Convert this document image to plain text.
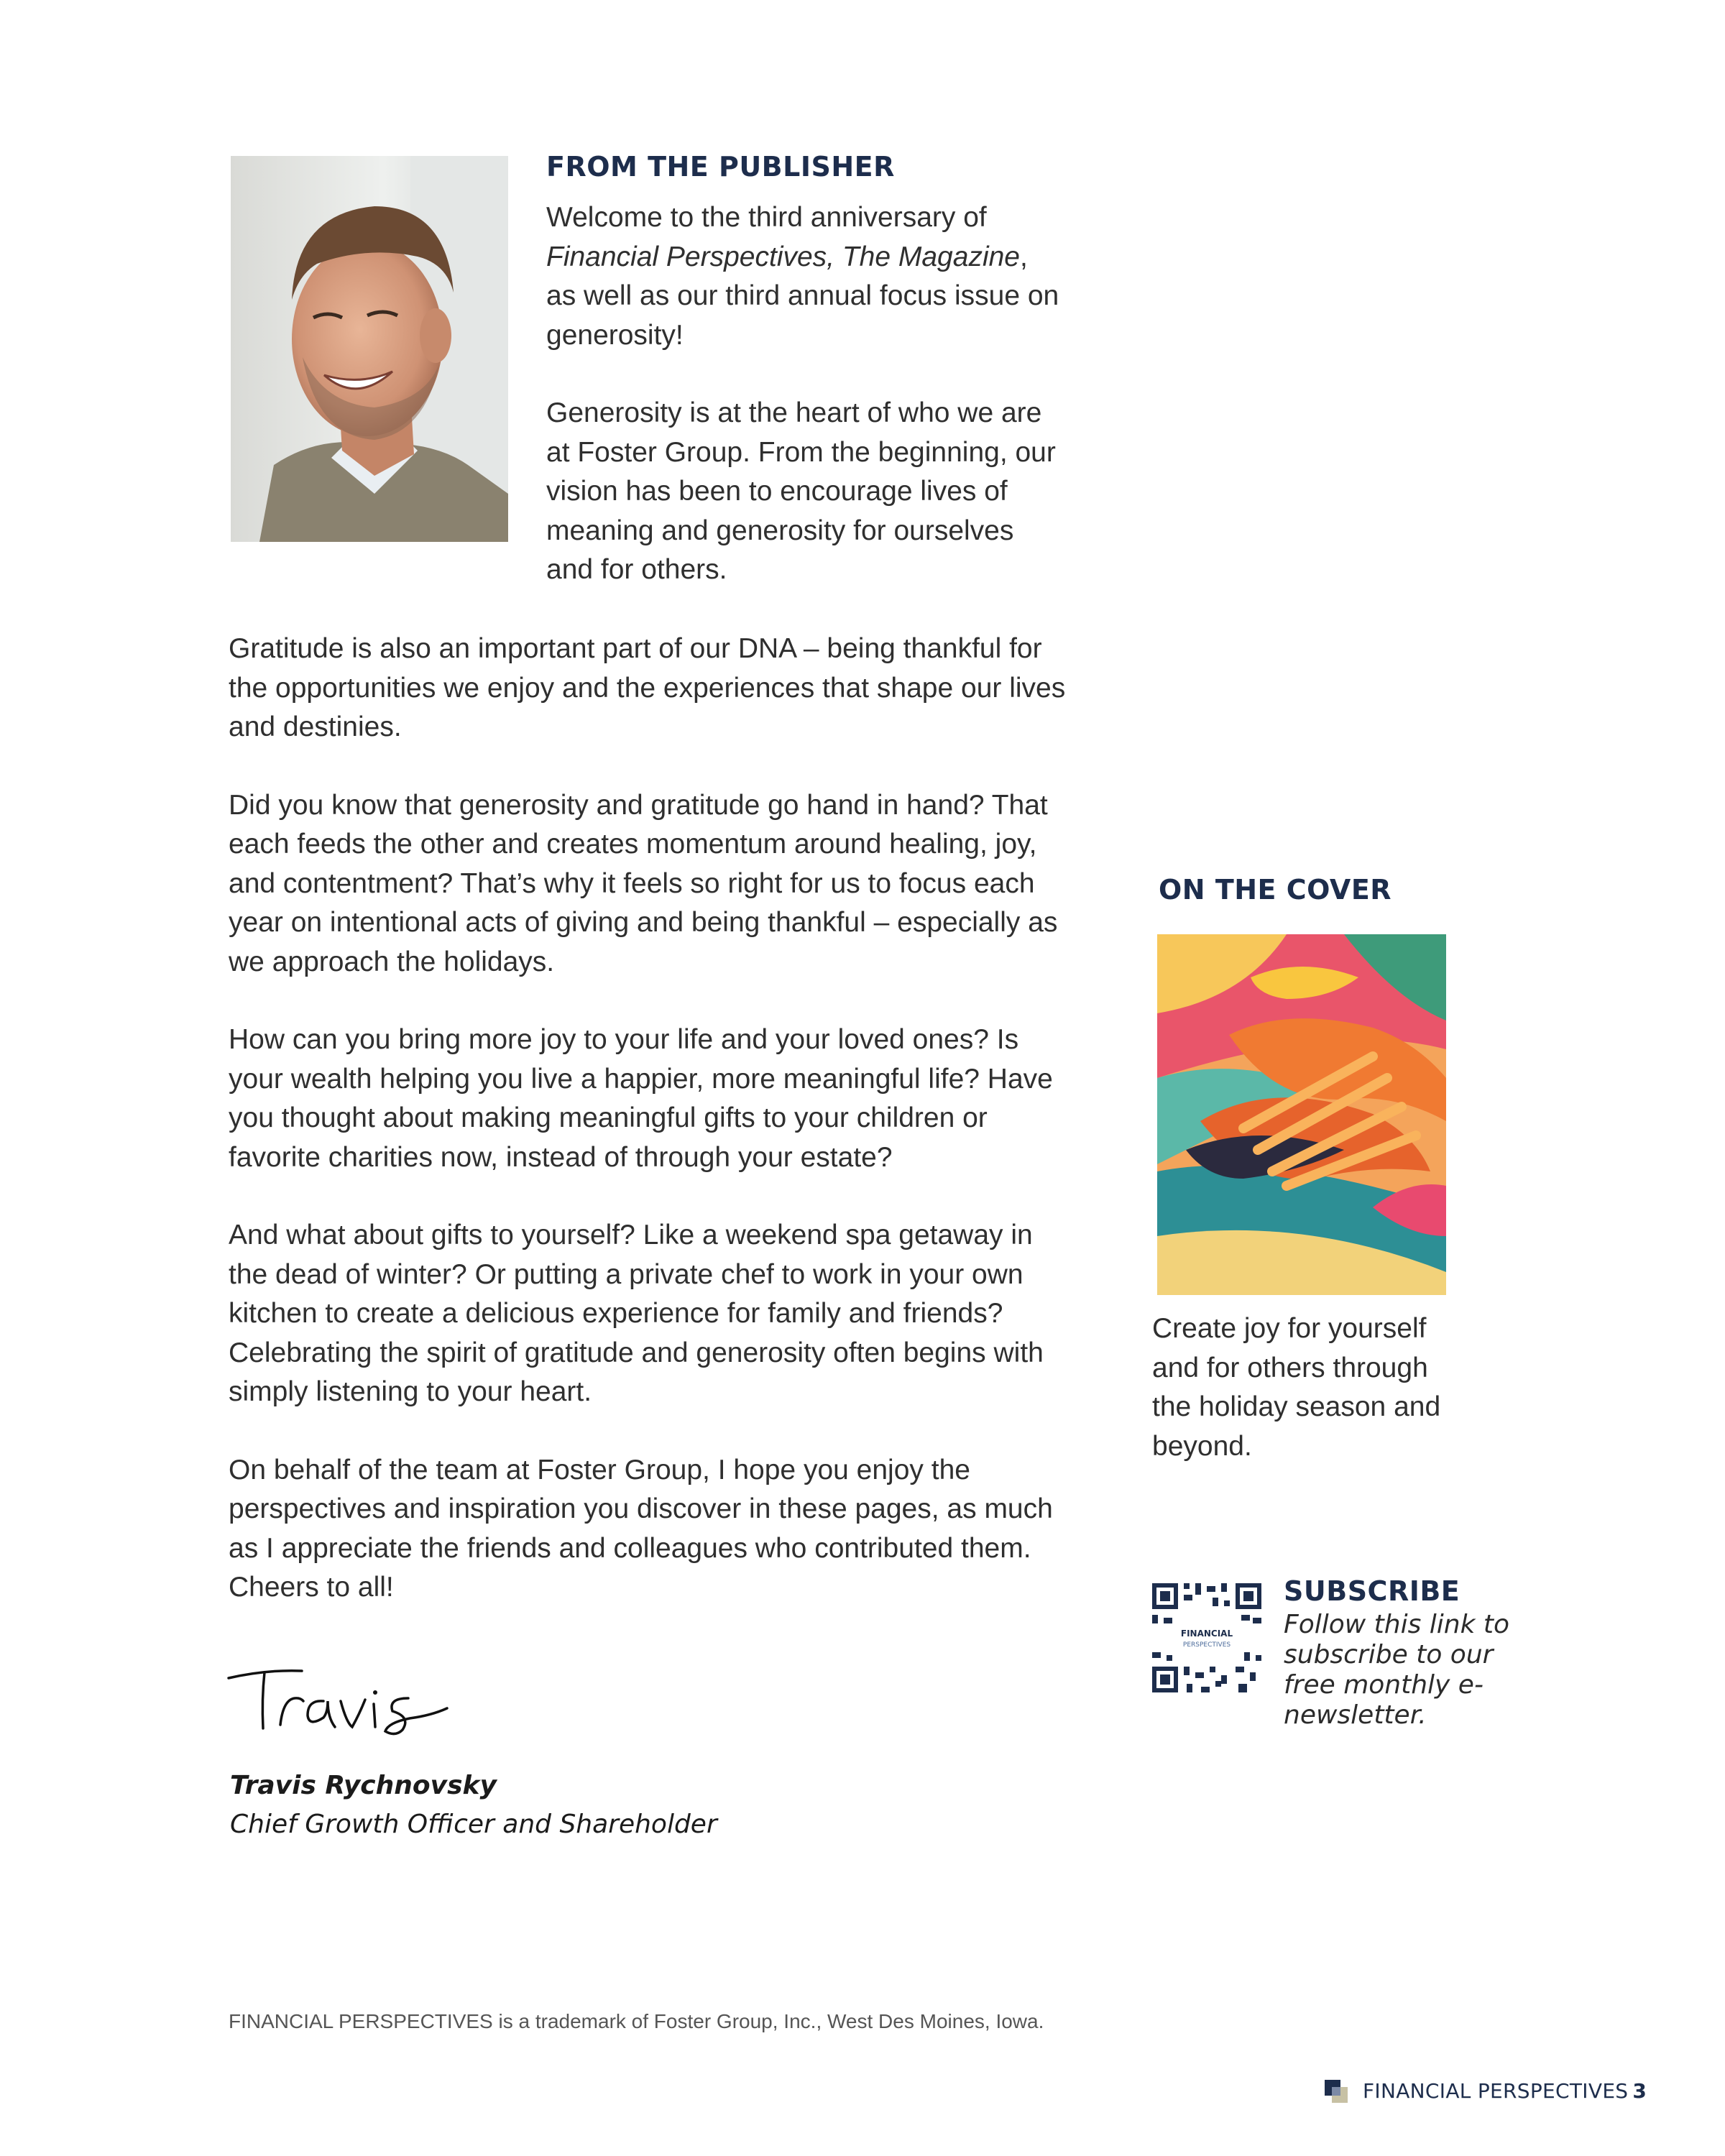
FROM THE PUBLISHER

Welcome to the third anniversary of Financial Perspectives, The Magazine, as well as our third annual focus issue on generosity!

Generosity is at the heart of who we are at Foster Group. From the beginning, our vision has been to encourage lives of meaning and generosity for ourselves and for others.

Gratitude is also an important part of our DNA – being thankful for the opportunities we enjoy and the experiences that shape our lives and destinies.

Did you know that generosity and gratitude go hand in hand? That each feeds the other and creates momentum around healing, joy, and contentment? That’s why it feels so right for us to focus each year on intentional acts of giving and being thankful – especially as we approach the holidays.

How can you bring more joy to your life and your loved ones? Is your wealth helping you live a happier, more meaningful life? Have you thought about making meaningful gifts to your children or favorite charities now, instead of through your estate?

And what about gifts to yourself? Like a weekend spa getaway in the dead of winter? Or putting a private chef to work in your own kitchen to create a delicious experience for family and friends? Celebrating the spirit of gratitude and generosity often begins with simply listening to your heart.

On behalf of the team at Foster Group, I hope you enjoy the perspectives and inspiration you discover in these pages, as much as I appreciate the friends and colleagues who contributed them. Cheers to all!

Travis Rychnovsky
Chief Growth Officer and Shareholder
ON THE COVER
Create joy for yourself and for others through the holiday season and beyond.
FINANCIAL
PERSPECTIVES
SUBSCRIBE
Follow this link to subscribe to our free monthly e-newsletter.
FINANCIAL PERSPECTIVES is a trademark of Foster Group, Inc., West Des Moines, Iowa.
FINANCIAL PERSPECTIVES 3
